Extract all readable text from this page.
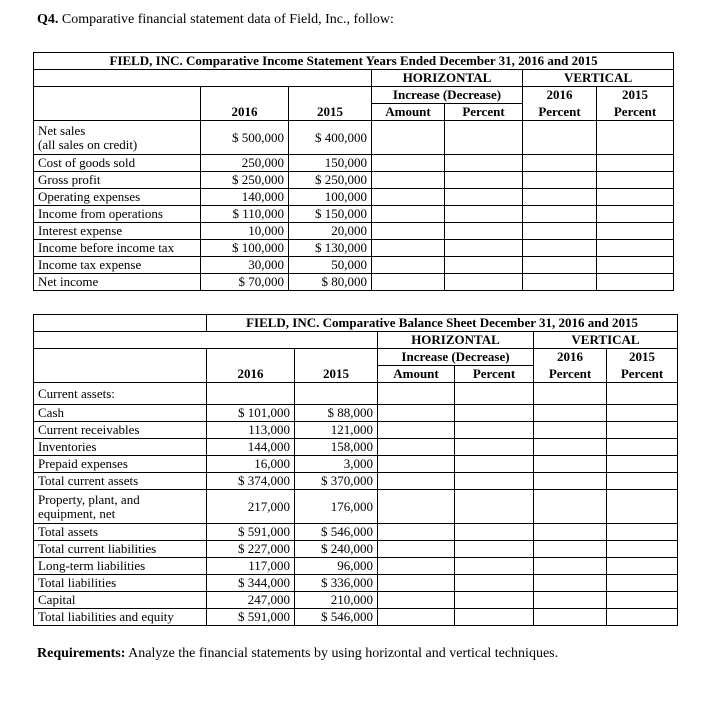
Q4. Comparative financial statement data of Field, Inc., follow:
FIELD, INC. Comparative Income Statement Years Ended December 31, 2016 and 2015						
			HORIZONTAL		VERTICAL	
			Increase (Decrease)		2016	2015
	2016	2015	Amount	Percent	Percent	Percent
Net sales
(all sales on credit)	$ 500,000	$ 400,000				
Cost of goods sold	250,000	150,000				
Gross profit	$ 250,000	$ 250,000				
Operating expenses	140,000	100,000				
Income from operations	$ 110,000	$ 150,000				
Interest expense	10,000	20,000				
Income before income tax	$ 100,000	$ 130,000				
Income tax expense	30,000	50,000				
Net income	$ 70,000	$ 80,000				
	FIELD, INC. Comparative Balance Sheet December 31, 2016 and 2015					
			HORIZONTAL		VERTICAL	
			Increase (Decrease)		2016	2015
	2016	2015	Amount	Percent	Percent	Percent
Current assets:						
Cash	$ 101,000	$ 88,000				
Current receivables	113,000	121,000				
Inventories	144,000	158,000				
Prepaid expenses	16,000	3,000				
Total current assets	$ 374,000	$ 370,000				
Property, plant, and
equipment, net	217,000	176,000				
Total assets	$ 591,000	$ 546,000				
Total current liabilities	$ 227,000	$ 240,000				
Long-term liabilities	117,000	96,000				
Total liabilities	$ 344,000	$ 336,000				
Capital	247,000	210,000				
Total liabilities and equity	$ 591,000	$ 546,000				
Requirements: Analyze the financial statements by using horizontal and vertical techniques.
